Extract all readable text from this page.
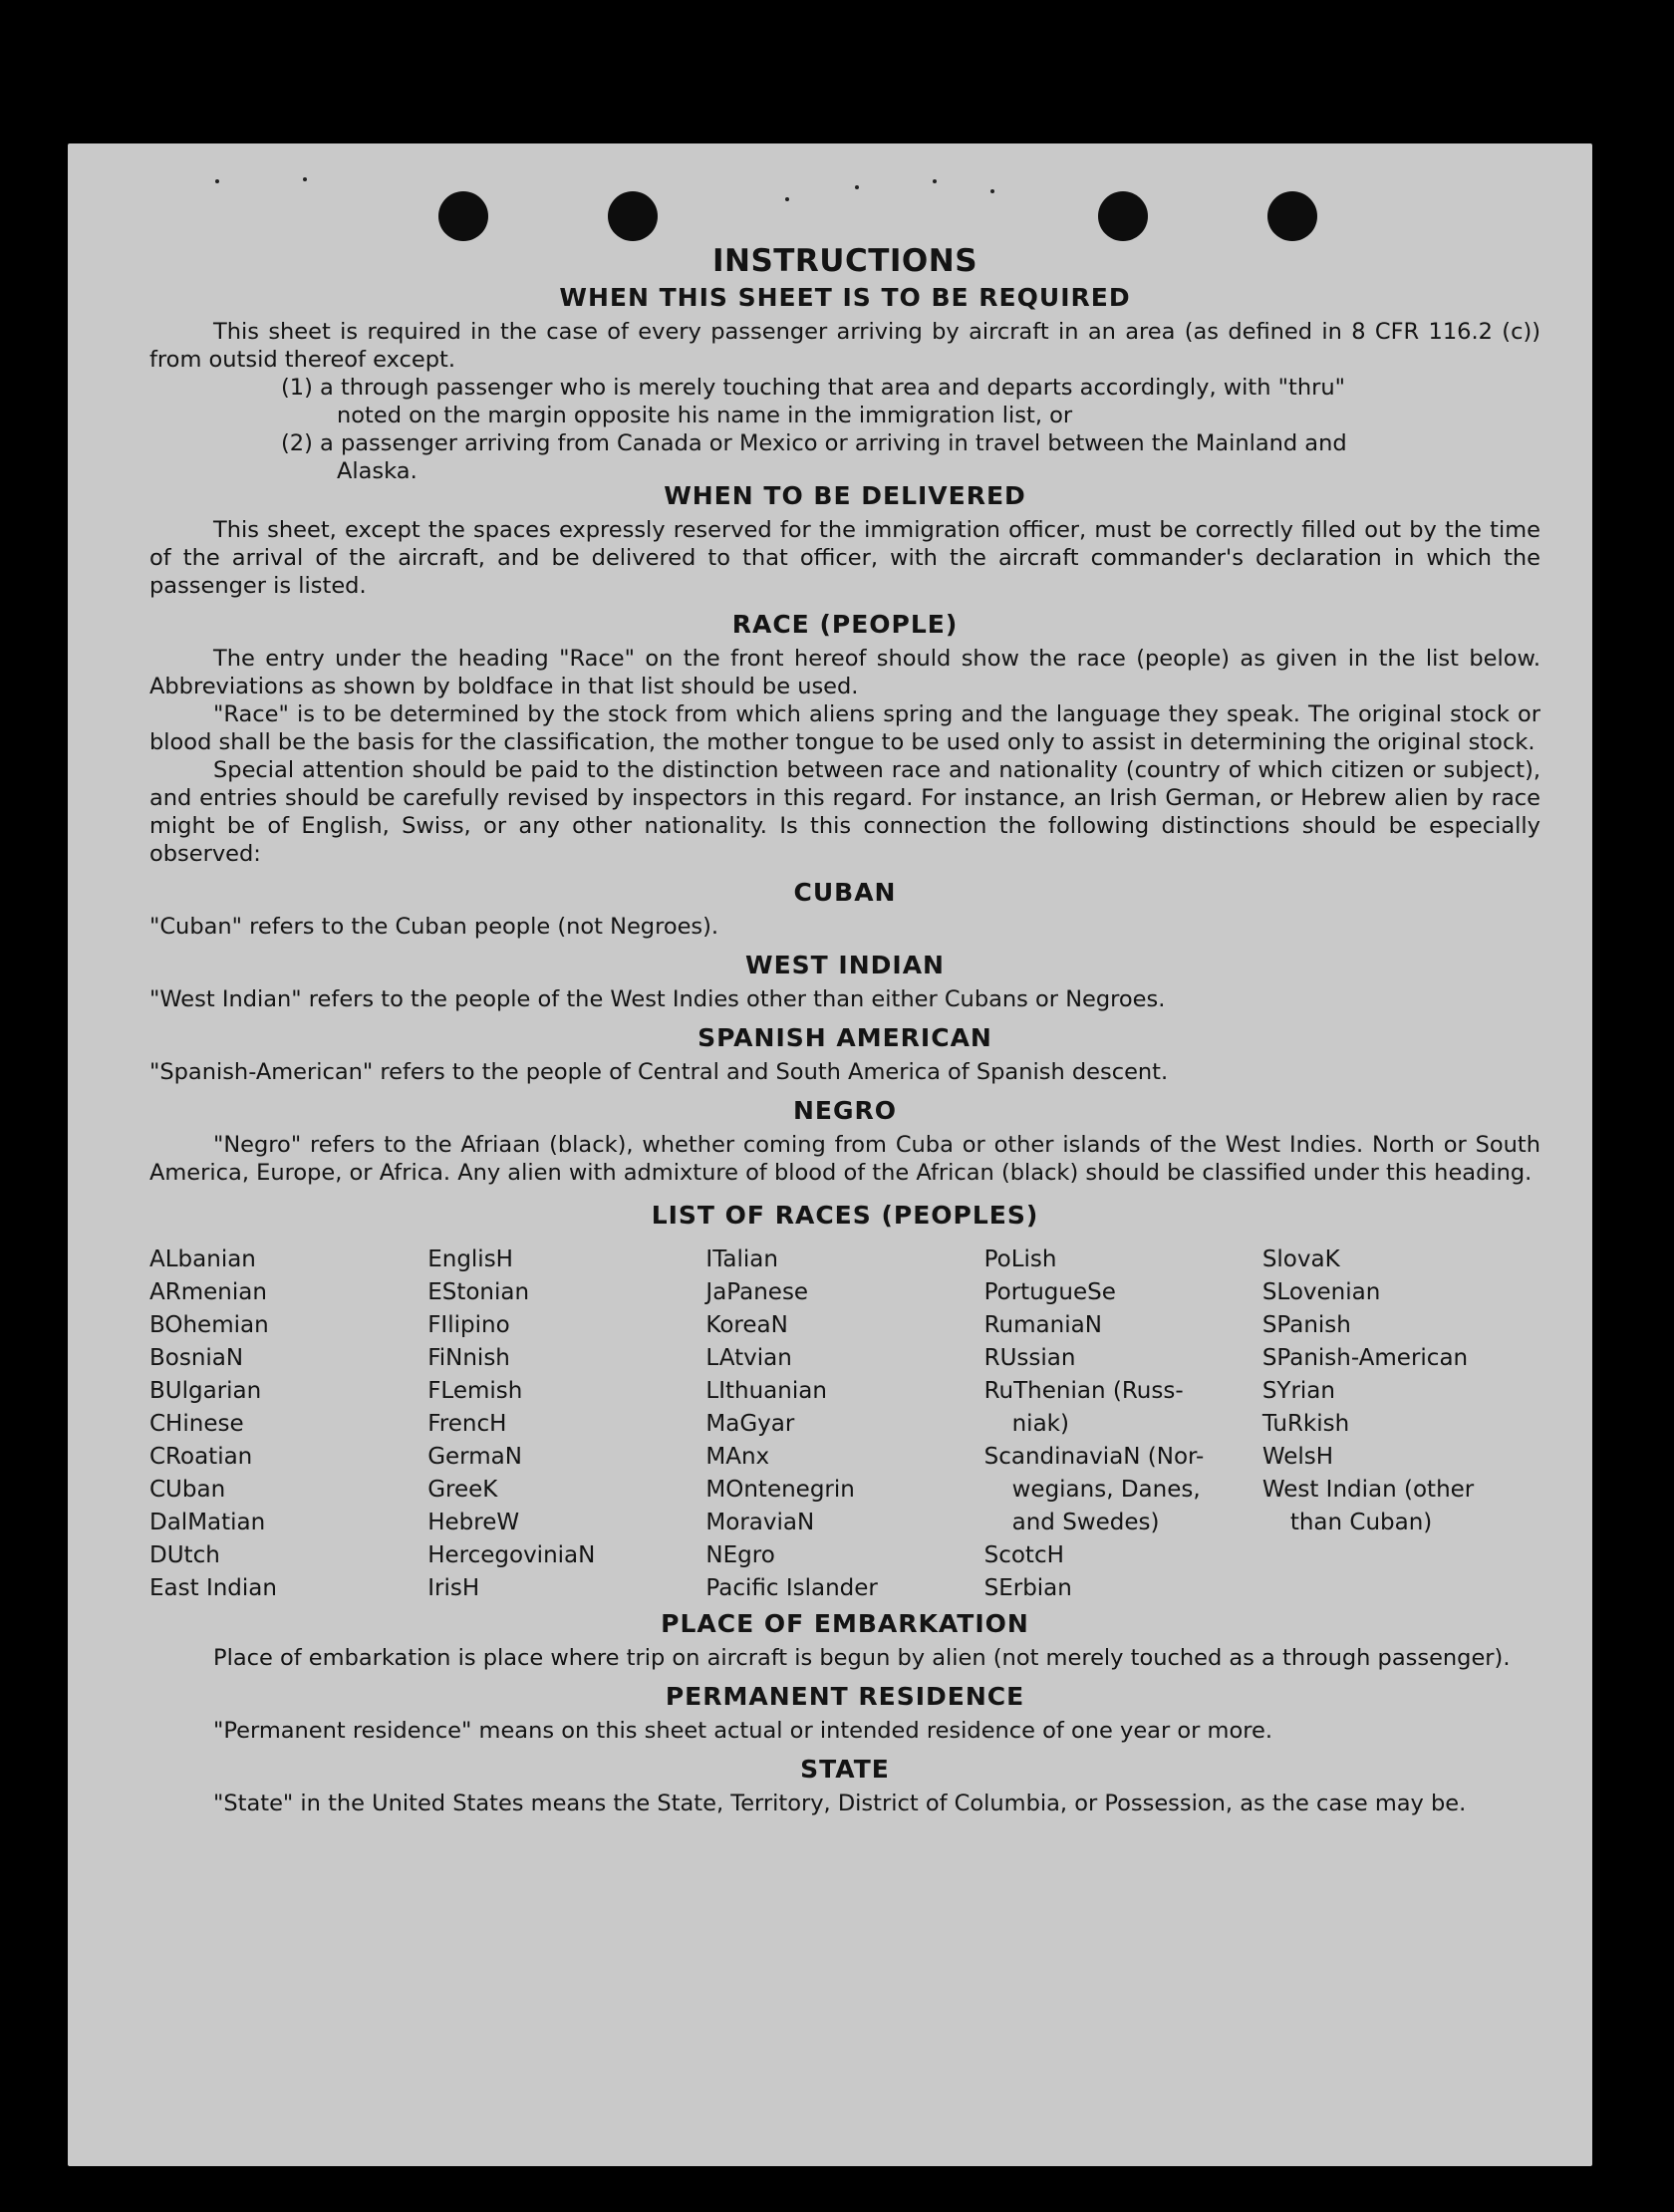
INSTRUCTIONS
WHEN THIS SHEET IS TO BE REQUIRED

This sheet is required in the case of every passenger arriving by aircraft in an area (as defined in 8 CFR 116.2 (c)) from outsid thereof except.

(1) a through passenger who is merely touching that area and departs accordingly, with "thru"
noted on the margin opposite his name in the immigration list, or

(2) a passenger arriving from Canada or Mexico or arriving in travel between the Mainland and
Alaska.

WHEN TO BE DELIVERED

This sheet, except the spaces expressly reserved for the immigration officer, must be correctly filled out by the time of the arrival of the aircraft, and be delivered to that officer, with the aircraft commander's declaration in which the passenger is listed.

RACE (PEOPLE)

The entry under the heading "Race" on the front hereof should show the race (people) as given in the list below. Abbreviations as shown by boldface in that list should be used.

"Race" is to be determined by the stock from which aliens spring and the language they speak. The original stock or blood shall be the basis for the classification, the mother tongue to be used only to assist in determining the original stock.

Special attention should be paid to the distinction between race and nationality (country of which citizen or subject), and entries should be carefully revised by inspectors in this regard. For instance, an Irish German, or Hebrew alien by race might be of English, Swiss, or any other nationality. Is this connection the following distinctions should be especially observed:

CUBAN

"Cuban" refers to the Cuban people (not Negroes).

WEST INDIAN

"West Indian" refers to the people of the West Indies other than either Cubans or Negroes.

SPANISH AMERICAN

"Spanish-American" refers to the people of Central and South America of Spanish descent.

NEGRO

"Negro" refers to the Afriaan (black), whether coming from Cuba or other islands of the West Indies. North or South America, Europe, or Africa. Any alien with admixture of blood of the African (black) should be classified under this heading.

LIST OF RACES (PEOPLES)
ALbanian
ARmenian
BOhemian
BosniaN
BUlgarian
CHinese
CRoatian
CUban
DalMatian
DUtch
East Indian
EnglisH
EStonian
FIlipino
FiNnish
FLemish
FrencH
GermaN
GreeK
HebreW
HercegoviniaN
IrisH
ITalian
JaPanese
KoreaN
LAtvian
LIthuanian
MaGyar
MAnx
MOntenegrin
MoraviaN
NEgro
Pacific Islander
PoLish
PortugueSe
RumaniaN
RUssian
RuThenian (Russ-
niak)
ScandinaviaN (Nor-
wegians, Danes,
and Swedes)
ScotcH
SErbian
SlovaK
SLovenian
SPanish
SPanish-American
SYrian
TuRkish
WelsH
West Indian (other
than Cuban)
PLACE OF EMBARKATION

Place of embarkation is place where trip on aircraft is begun by alien (not merely touched as a through passenger).

PERMANENT RESIDENCE

"Permanent residence" means on this sheet actual or intended residence of one year or more.

STATE

"State" in the United States means the State, Territory, District of Columbia, or Possession, as the case may be.
